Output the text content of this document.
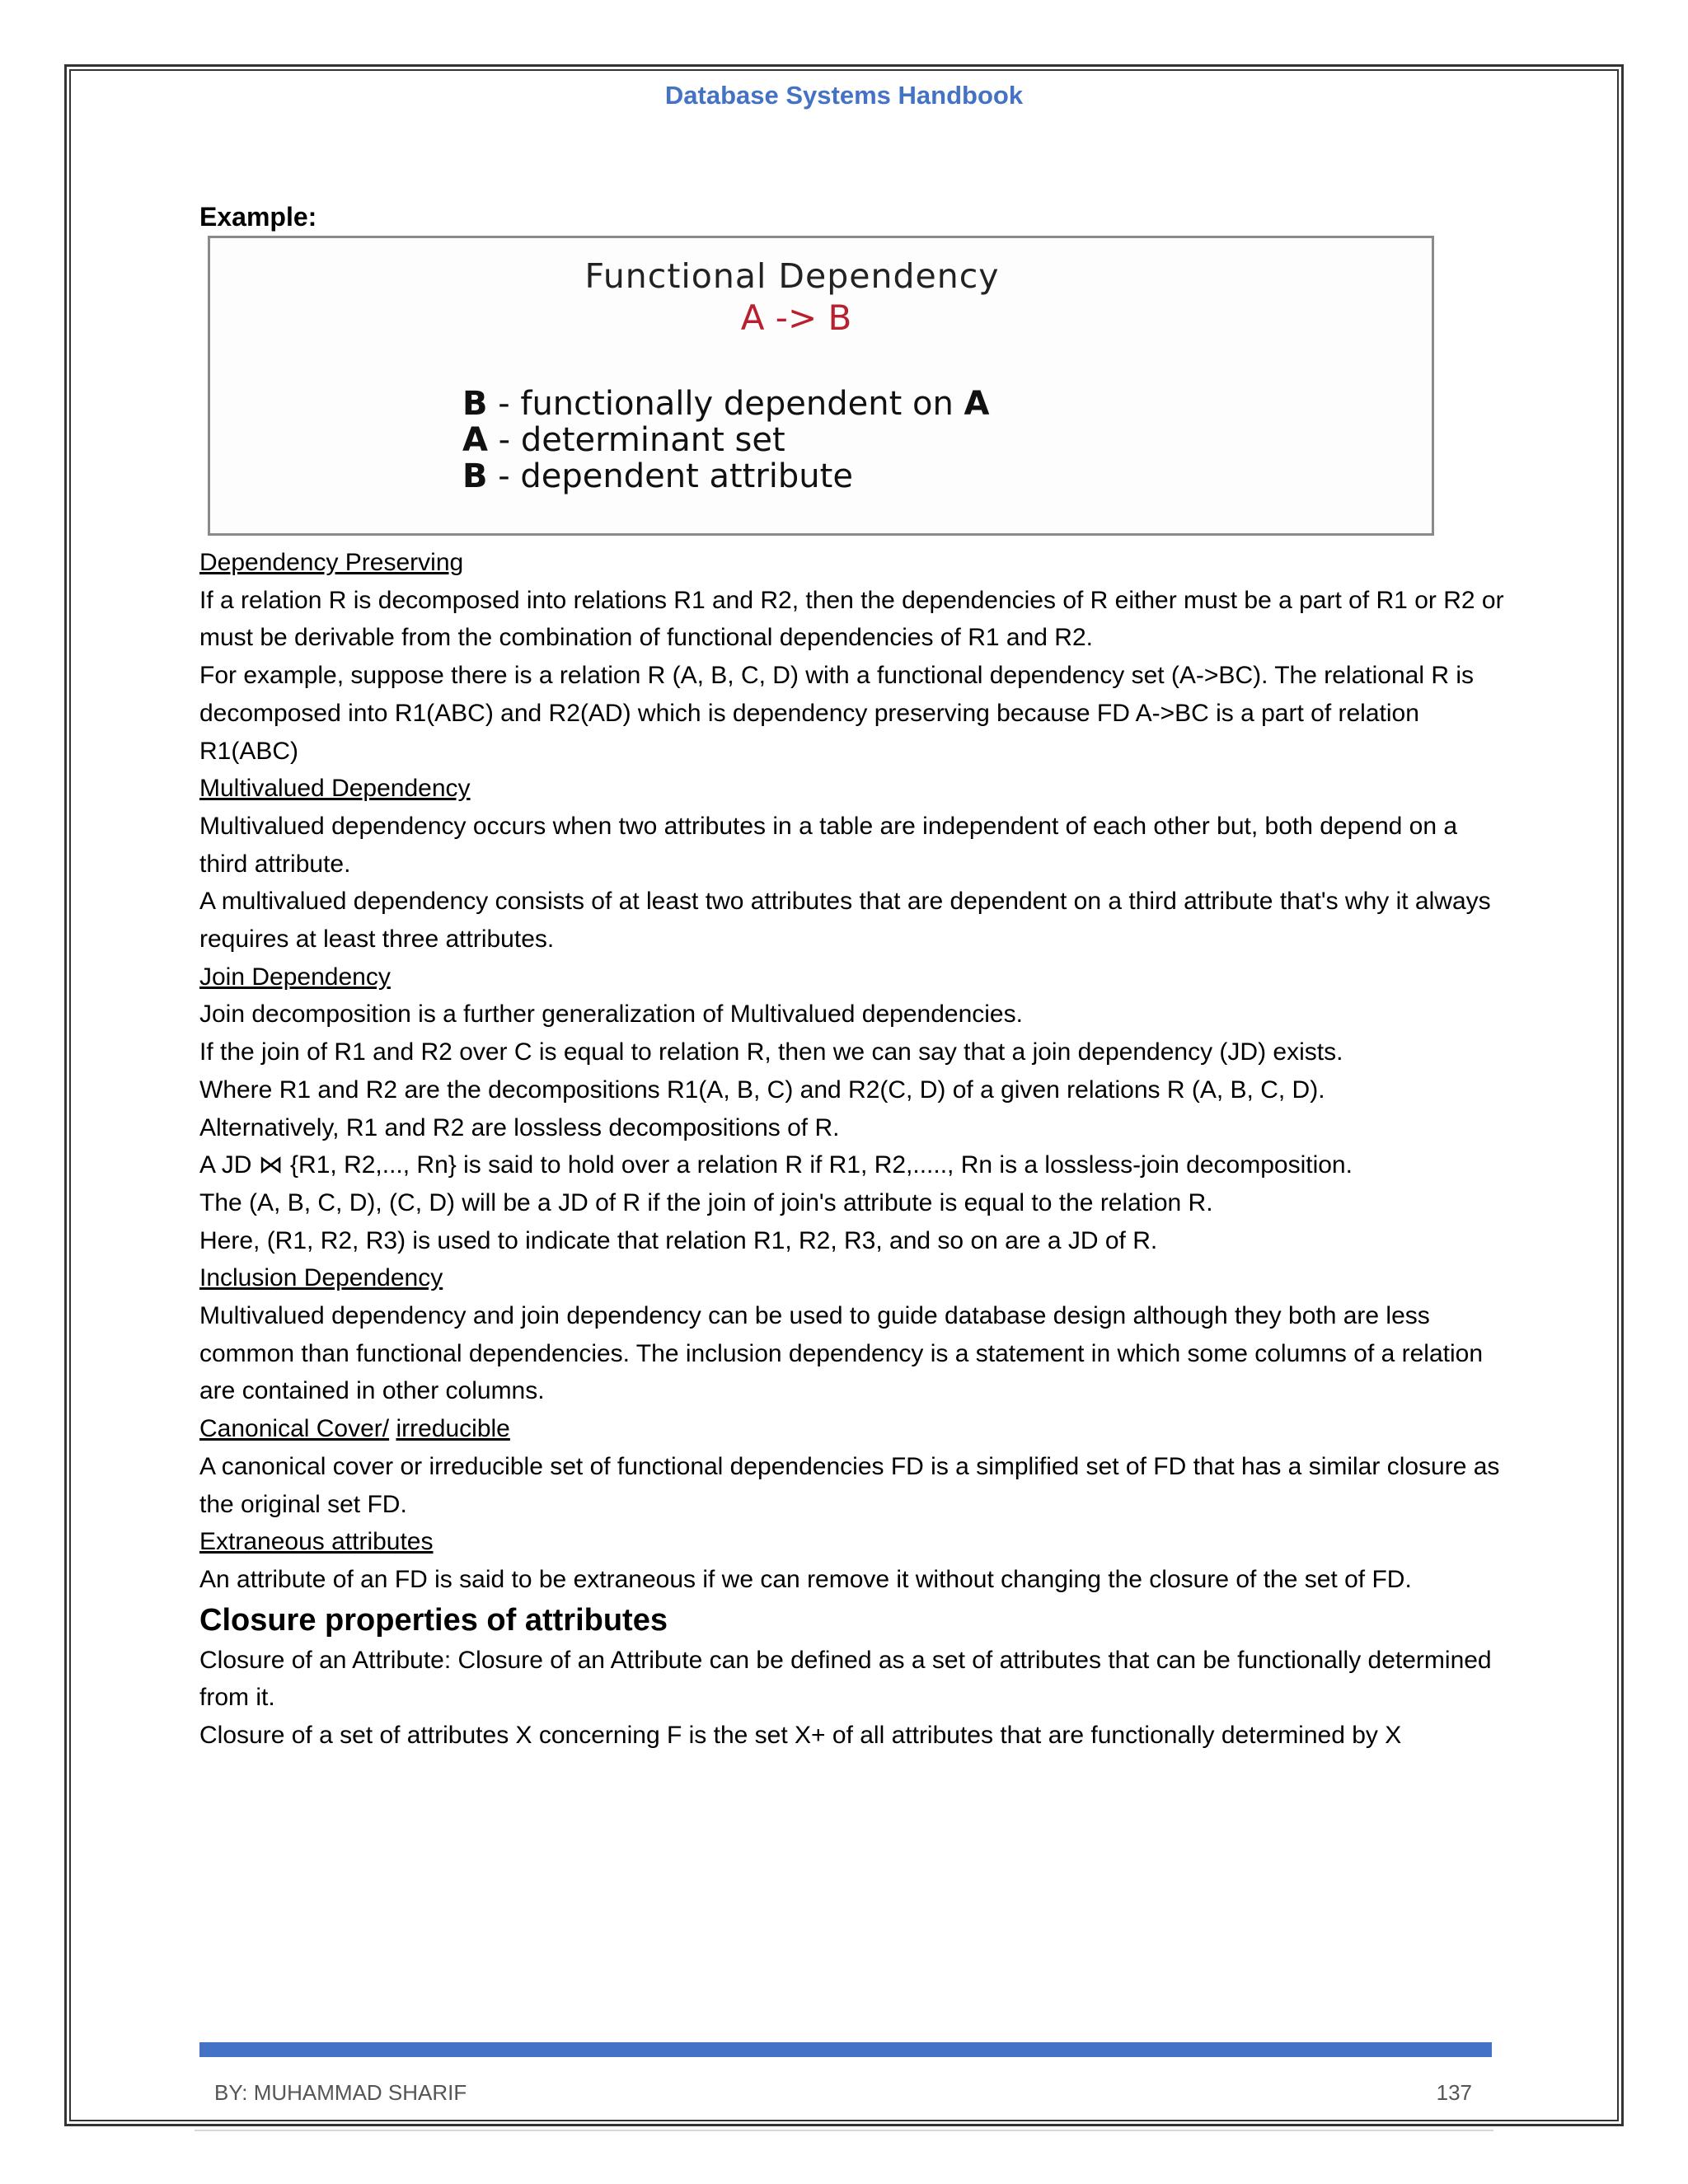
Database Systems Handbook
Example:
Functional Dependency
A -> B
B - functionally dependent on A
A - determinant set
B - dependent attribute

Dependency Preserving

If a relation R is decomposed into relations R1 and R2, then the dependencies of R either must be a part of R1 or R2 or must be derivable from the combination of functional dependencies of R1 and R2.

For example, suppose there is a relation R (A, B, C, D) with a functional dependency set (A->BC). The relational R is decomposed into R1(ABC) and R2(AD) which is dependency preserving because FD A->BC is a part of relation R1(ABC)

Multivalued Dependency

Multivalued dependency occurs when two attributes in a table are independent of each other but, both depend on a third attribute.

A multivalued dependency consists of at least two attributes that are dependent on a third attribute that's why it always requires at least three attributes.

Join Dependency

Join decomposition is a further generalization of Multivalued dependencies.

If the join of R1 and R2 over C is equal to relation R, then we can say that a join dependency (JD) exists.

Where R1 and R2 are the decompositions R1(A, B, C) and R2(C, D) of a given relations R (A, B, C, D).

Alternatively, R1 and R2 are lossless decompositions of R.

A JD ⋈ {R1, R2,..., Rn} is said to hold over a relation R if R1, R2,....., Rn is a lossless-join decomposition.

The (A, B, C, D), (C, D) will be a JD of R if the join of join's attribute is equal to the relation R.

Here, (R1, R2, R3) is used to indicate that relation R1, R2, R3, and so on are a JD of R.

Inclusion Dependency

Multivalued dependency and join dependency can be used to guide database design although they both are less common than functional dependencies. The inclusion dependency is a statement in which some columns of a relation are contained in other columns.

Canonical Cover/ irreducible

A canonical cover or irreducible set of functional dependencies FD is a simplified set of FD that has a similar closure as the original set FD.

Extraneous attributes

An attribute of an FD is said to be extraneous if we can remove it without changing the closure of the set of FD.

Closure properties of attributes

Closure of an Attribute: Closure of an Attribute can be defined as a set of attributes that can be functionally determined from it.

Closure of a set of attributes X concerning F is the set X+ of all attributes that are functionally determined by X

BY: MUHAMMAD SHARIF	137
